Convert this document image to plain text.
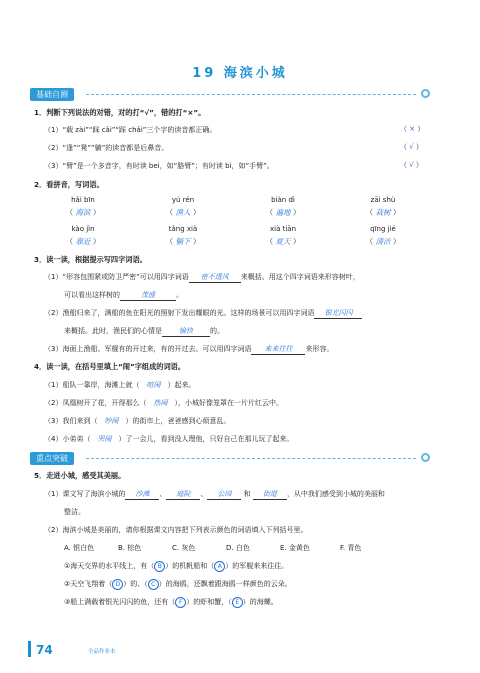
19 海滨小城
基础自测
1．判断下列说法的对错，对的打“√”，错的打“×”。
（1）“载 zài”“踩 cǎi”“踩 chǎi”三个字的读音都正确。	（ × ）
（2）“逢”“凳”“躺”的读音都是后鼻音。	（ √ ）
（3）“臂”是一个多音字，有时读 bei，如“胳臂”；有时读 bì，如“手臂”。	（ √ ）
2．看拼音，写词语。
hǎi bīn	yú rén	biàn dì	zāi shù
（ 海滨 ）	（ 渔人 ）	（ 遍地 ）	（ 栽树 ）
kào jìn	tǎng xià	xià tiān	qīng jié
（ 靠近 ）	（ 躺下 ）	（ 夏天 ）	（ 清洁 ）
3．读一读，根据提示写四字词语。
（1）“形容包围紧或防卫严密”可以用四字词语 密不透风 来概括。用这个四字词语来形容树叶，
可以看出这样树的	茂盛	。
（2）渔船归来了，满船的鱼在阳光的照射下发出耀眼的光。这样的场景可以用四字词语 银光闪闪
来概括。此时，渔民们的心情是 愉快 的。
（3）海面上渔船、军舰有的开过来，有的开过去。可以用四字词语 来来往往 来形容。
4．读一读，在括号里填上“闹”字组成的词语。
（1）船队一靠岸，海滩上就（ 喧闹 ）起来。
（2）凤凰树开了花，开得那么（ 热闹 ），小城好像笼罩在一片片红云中。
（3）我们来到（ 吵闹 ）的街市上，爸爸感到心烦意乱。
（4）小弟弟（ 哭闹 ）了一会儿，看到没人理他，只好自己在那儿玩了起来。
重点突破
5．走进小城，感受其美丽。
（1）课文写了海滨小城的 沙滩 、 庭院 、 公园 和 街道 ，从中我们感受到小城的美丽和
整洁。
（2）海滨小城是美丽的，请你根据课文内容把下列表示颜色的词语填入下列括号里。
A. 银白色	B. 棕色	C. 灰色	D. 白色	E. 金黄色	F. 青色
①海天交界的水平线上，有（ B ）的机帆船和（ A ）的军舰来来往往。
②天空飞翔着（ D ）的、（ C ）的海鸥，还飘着跟海鸥一样颜色的云朵。
③船上满载着银光闪闪的鱼，还有（ F ）的虾和蟹，（ E ）的海螺。
74	全品作业本
